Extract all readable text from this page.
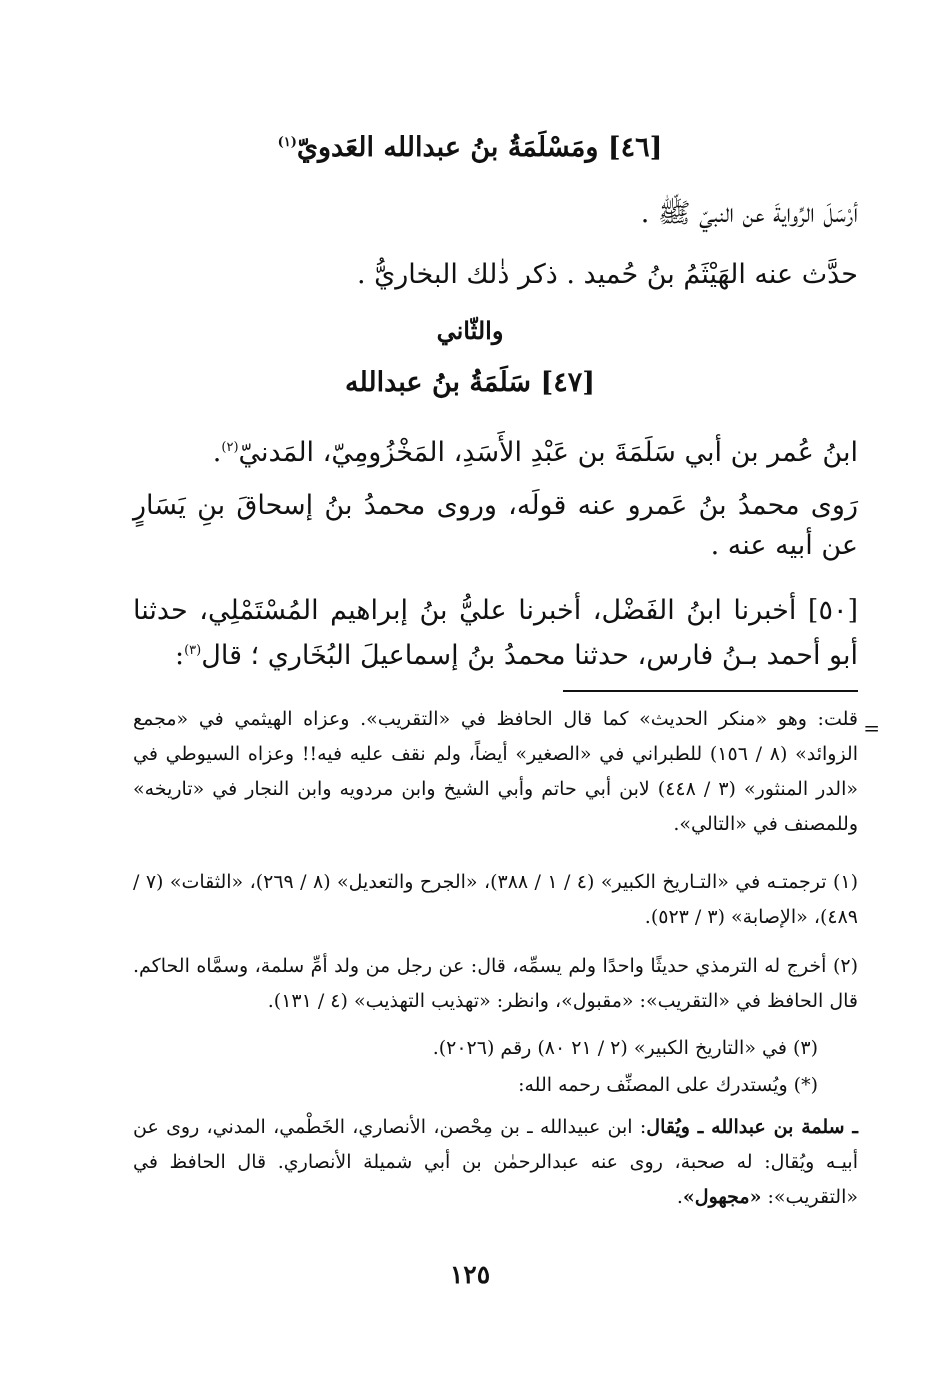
[٤٦] ومَسْلَمَةُ بنُ عبدالله العَدويّ$^{(١)}$
أرْسَلَ الرِّوايةَ عن النبيّ ﷺ .
حدَّث عنه الهَيْثَمُ بنُ حُميد . ذكر ذٰلك البخاريُّ .
والثّاني
[٤٧] سَلَمَةُ بنُ عبدالله
ابنُ عُمر بن أبي سَلَمَةَ بن عَبْدِ الأَسَدِ، المَخْزُومِيّ، المَدنيّ$^{(٢)}$.
رَوى محمدُ بنُ عَمرو عنه قولَه، وروى محمدُ بنُ إسحاقَ بنِ يَسَارٍ عن أبيه عنه .
[٥٠] أخبرنا ابنُ الفَضْل، أخبرنا عليُّ بنُ إبراهيم المُسْتَمْلِي، حدثنا أبو أحمد بـنُ فارس، حدثنا محمدُ بنُ إسماعيلَ البُخَاري ؛ قال$^{(٣)}$:
=
قلت: وهو «منكر الحديث» كما قال الحافظ في «التقريب». وعزاه الهيثمي في «مجمع الزوائد» (٨ / ١٥٦) للطبراني في «الصغير» أيضاً، ولم نقف عليه فيه!! وعزاه السيوطي في «الدر المنثور» (٣ / ٤٤٨) لابن أبي حاتم وأبي الشيخ وابن مردويه وابن النجار في «تاريخه» وللمصنف في «التالي».
(١) ترجمتـه في «التـاريخ الكبير» (٤ / ١ / ٣٨٨)، «الجرح والتعديل» (٨ / ٢٦٩)، «الثقات» (٧ / ٤٨٩)، «الإصابة» (٣ / ٥٢٣).
(٢) أخرج له الترمذي حديثًا واحدًا ولم يسمِّه، قال: عن رجل من ولد أمِّ سلمة، وسمَّاه الحاكم. قال الحافظ في «التقريب»: «مقبول»، وانظر: «تهذيب التهذيب» (٤ / ١٣١).
(٣) في «التاريخ الكبير» (٢ / ٢١ ٨٠) رقم (٢٠٢٦).
(*) ويُستدرك على المصنِّف رحمه الله:
ـ سلمة بن عبدالله ـ ويُقال: ابن عبيدالله ـ بن مِحْصن، الأنصاري، الخَطْمي، المدني، روى عن أبيـه ويُقال: له صحبة، روى عنه عبدالرحمٰن بن أبي شميلة الأنصاري. قال الحافظ في «التقريب»: «مجهول».
١٢٥
